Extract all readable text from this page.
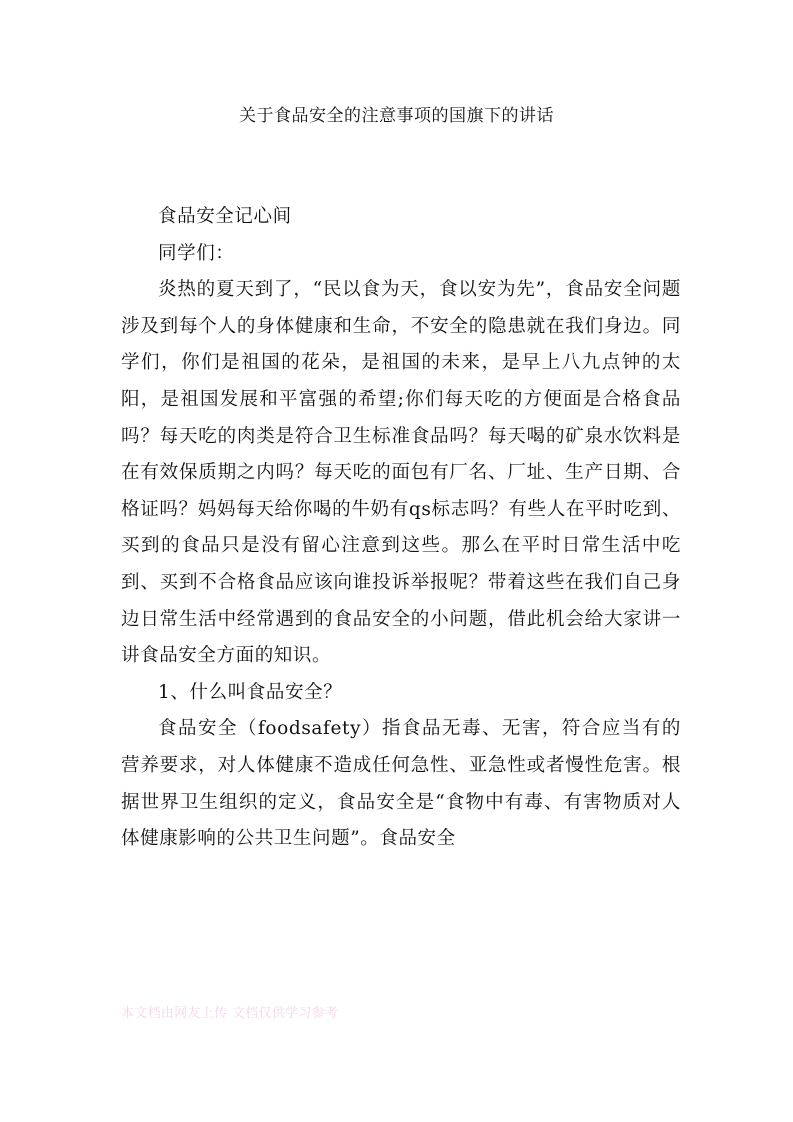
关于食品安全的注意事项的国旗下的讲话

食品安全记心间

同学们：

炎热的夏天到了，“民以食为天，食以安为先”，食品安全问题涉及到每个人的身体健康和生命，不安全的隐患就在我们身边。同学们，你们是祖国的花朵，是祖国的未来，是早上八九点钟的太阳，是祖国发展和平富强的希望;你们每天吃的方便面是合格食品吗？每天吃的肉类是符合卫生标准食品吗？每天喝的矿泉水饮料是在有效保质期之内吗？每天吃的面包有厂名、厂址、生产日期、合格证吗？妈妈每天给你喝的牛奶有qs标志吗？有些人在平时吃到、买到的食品只是没有留心注意到这些。那么在平时日常生活中吃到、买到不合格食品应该向谁投诉举报呢？带着这些在我们自己身边日常生活中经常遇到的食品安全的小问题，借此机会给大家讲一讲食品安全方面的知识。

1、什么叫食品安全？

食品安全（foodsafety）指食品无毒、无害，符合应当有的营养要求，对人体健康不造成任何急性、亚急性或者慢性危害。根据世界卫生组织的定义，食品安全是“食物中有毒、有害物质对人体健康影响的公共卫生问题”。食品安全

本文档由网友上传 文档仅供学习参考
